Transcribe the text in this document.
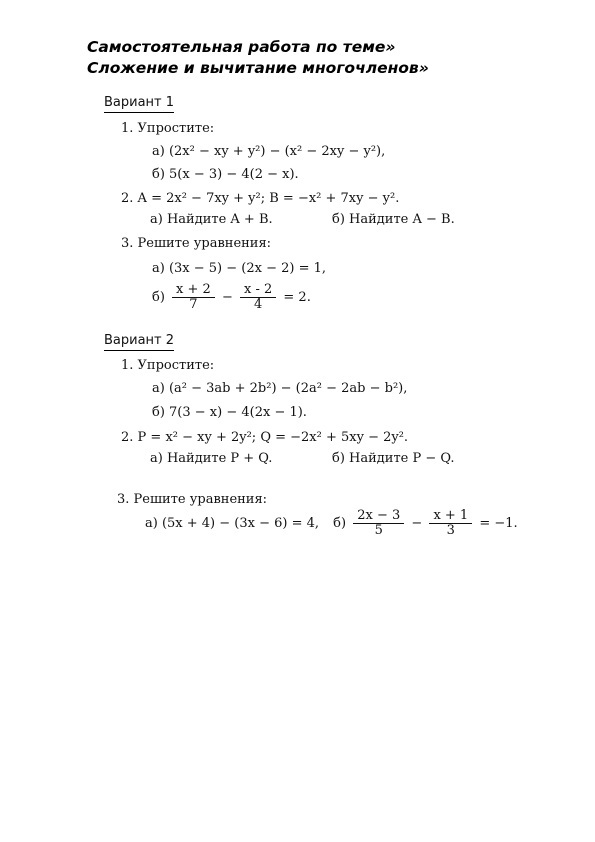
Самостоятельная работа по теме»
Сложение и вычитание многочленов»
Вариант 1
1. Упростите:
а) (2x² − xy + y²) − (x² − 2xy − y²),
б) 5(x − 3) − 4(2 − x).
2. A = 2x² − 7xy + y²; B = −x² + 7xy − y².
а) Найдите A + B.	б) Найдите A − B.
3. Решите уравнения:
а) (3x − 5) − (2x − 2) = 1,
$б) \frac{x + 2}{7} - \frac{x - 2}{4} = 2$.
Вариант 2
1. Упростите:
а) (a² − 3ab + 2b²) − (2a² − 2ab − b²),
б) 7(3 − x) − 4(2x − 1).
2. P = x² − xy + 2y²; Q = −2x² + 5xy − 2y².
а) Найдите P + Q.	б) Найдите P − Q.
3. Решите уравнения:
а) (5x + 4) − (3x − 6) = 4, $б) \frac{2x - 3}{5} - \frac{x + 1}{3} = -1$.
